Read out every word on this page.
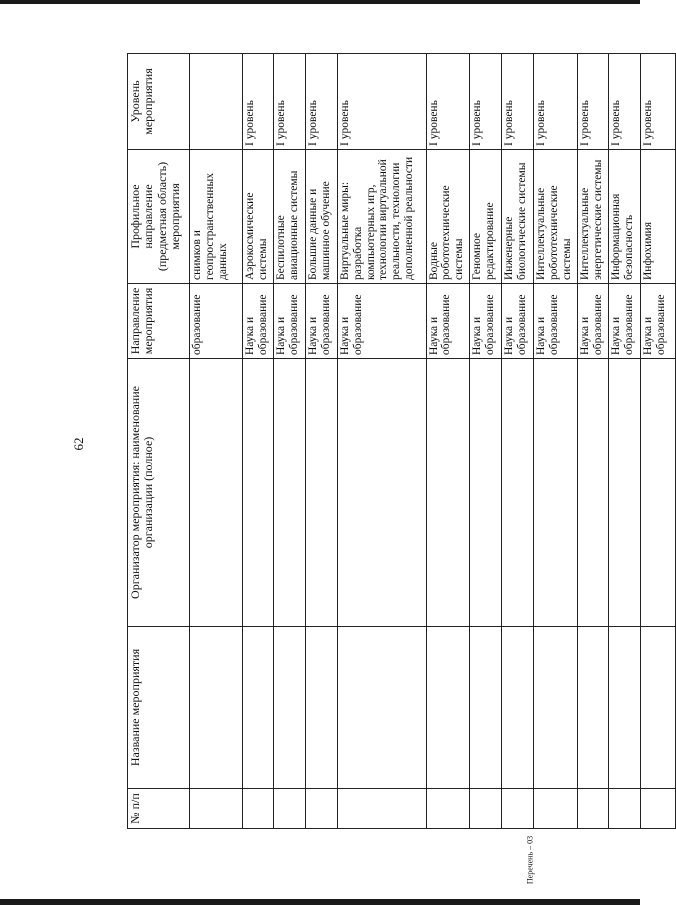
62
№ п/п	Название мероприятия	Организатор мероприятия: наименование организации (полное)	Направление мероприятия	Профильное направление (предметная область) мероприятия	Уровень мероприятия
			образование	снимков и геопространственных данных	
			Наука и образование	Аэрокосмические системы	I уровень
			Наука и образование	Беспилотные авиационные системы	I уровень
			Наука и образование	Большие данные и машинное обучение	I уровень
			Наука и образование	Виртуальные миры: разработка компьютерных игр, технологии виртуальной реальности, технологии дополненной реальности	I уровень
			Наука и образование	Водные робототехнические системы	I уровень
			Наука и образование	Геномное редактирование	I уровень
			Наука и образование	Инженерные биологические системы	I уровень
			Наука и образование	Интеллектуальные робототехнические системы	I уровень
			Наука и образование	Интеллектуальные энергетические системы	I уровень
			Наука и образование	Информационная безопасность	I уровень
			Наука и образование	Инфохимия	I уровень
Перечень – 03
